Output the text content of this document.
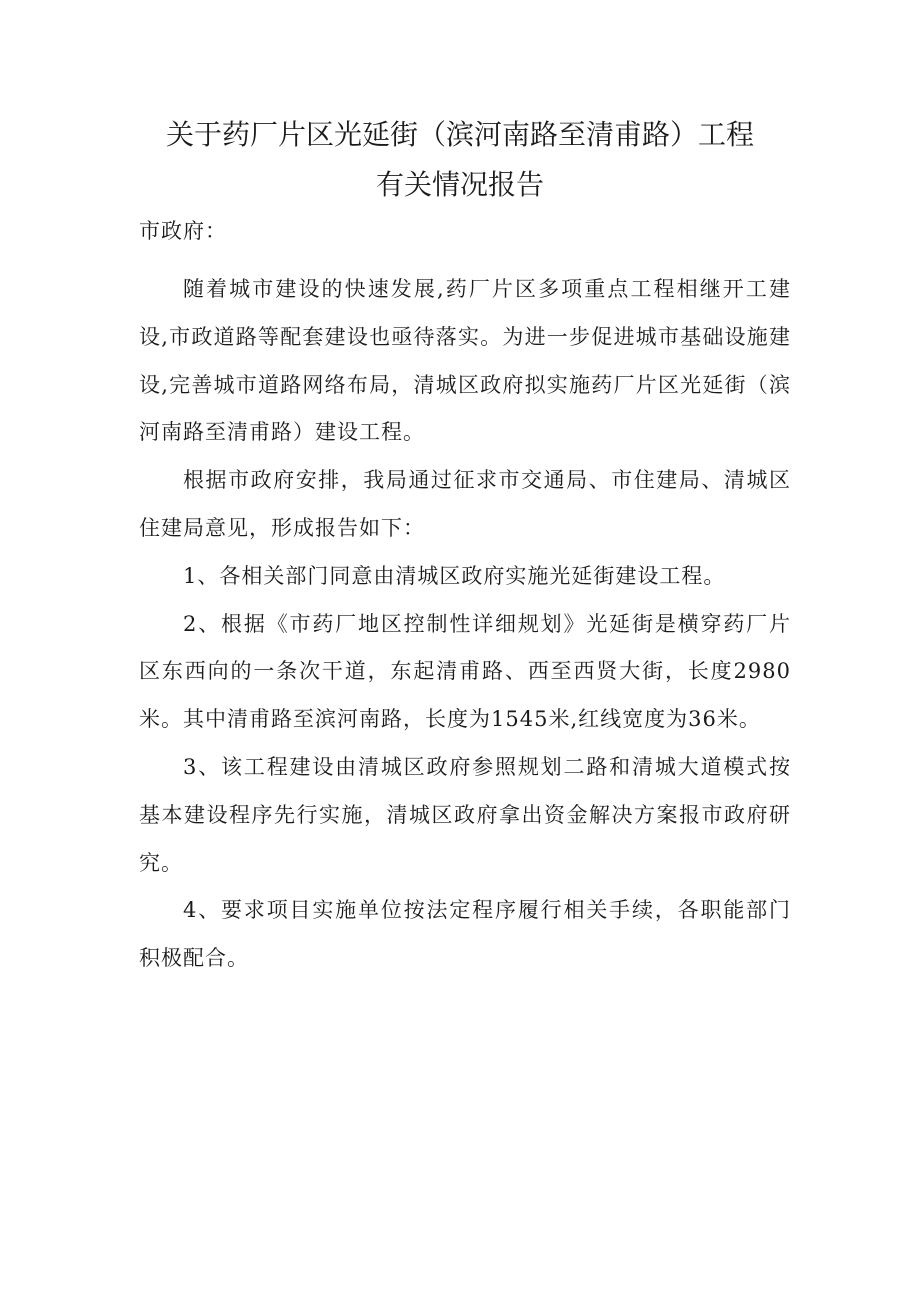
关于药厂片区光延街（滨河南路至清甫路）工程
有关情况报告
市政府：

随着城市建设的快速发展,药厂片区多项重点工程相继开工建设,市政道路等配套建设也亟待落实。为进一步促进城市基础设施建设,完善城市道路网络布局，清城区政府拟实施药厂片区光延街（滨河南路至清甫路）建设工程。

根据市政府安排，我局通过征求市交通局、市住建局、清城区住建局意见，形成报告如下：

1、各相关部门同意由清城区政府实施光延街建设工程。

2、根据《市药厂地区控制性详细规划》光延街是横穿药厂片区东西向的一条次干道，东起清甫路、西至西贤大街，长度2980米。其中清甫路至滨河南路，长度为1545米,红线宽度为36米。

3、该工程建设由清城区政府参照规划二路和清城大道模式按基本建设程序先行实施，清城区政府拿出资金解决方案报市政府研究。

4、要求项目实施单位按法定程序履行相关手续，各职能部门积极配合。
